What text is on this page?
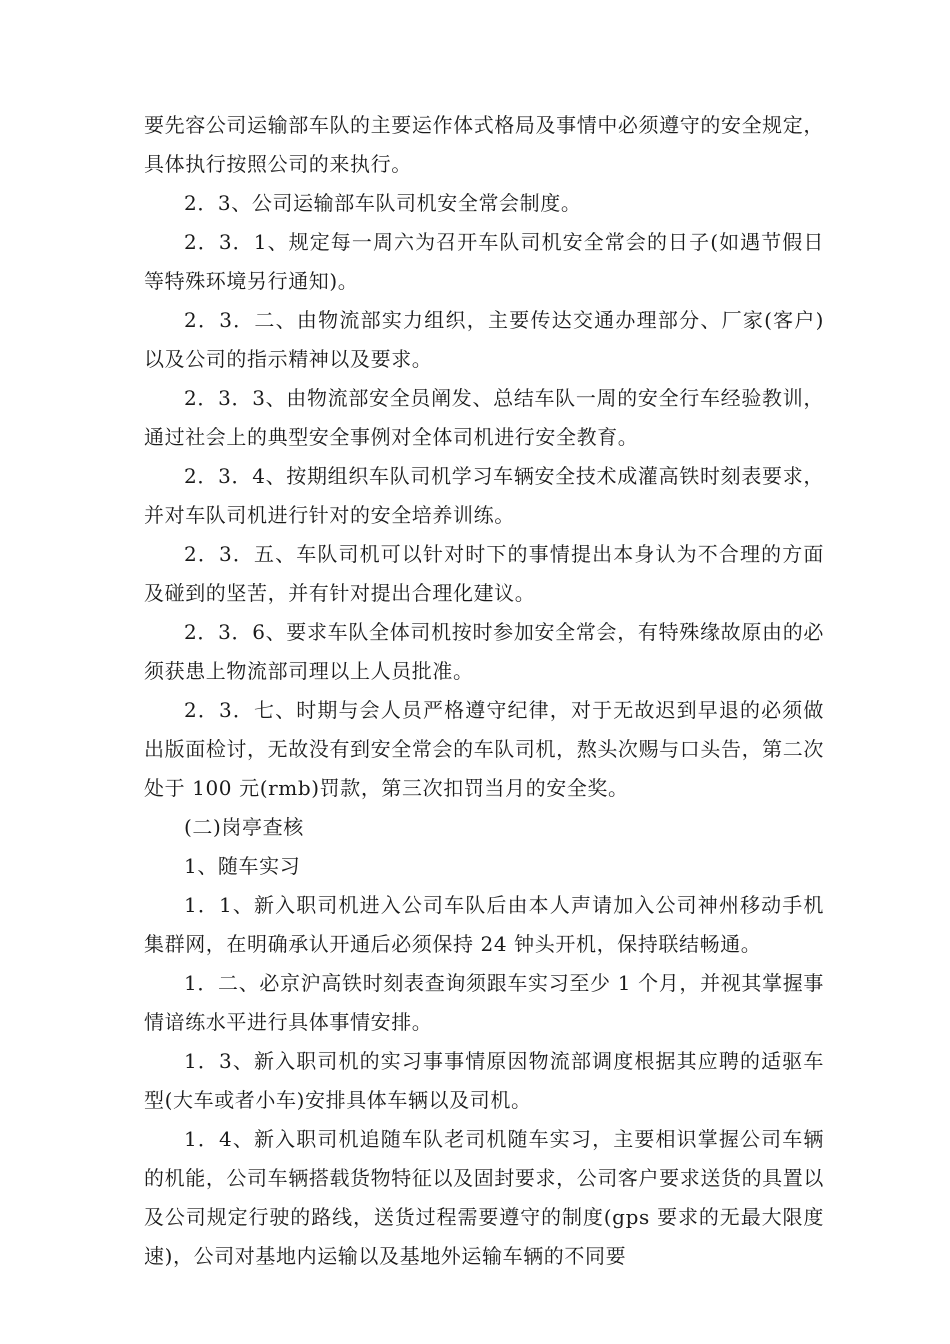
要先容公司运输部车队的主要运作体式格局及事情中必须遵守的安全规定，具体执行按照公司的来执行。

2．3、公司运输部车队司机安全常会制度。

2．3．1、规定每一周六为召开车队司机安全常会的日子(如遇节假日等特殊环境另行通知)。

2．3．二、由物流部实力组织，主要传达交通办理部分、厂家(客户)以及公司的指示精神以及要求。

2．3．3、由物流部安全员阐发、总结车队一周的安全行车经验教训，通过社会上的典型安全事例对全体司机进行安全教育。

2．3．4、按期组织车队司机学习车辆安全技术成灌高铁时刻表要求，并对车队司机进行针对的安全培养训练。

2．3．五、车队司机可以针对时下的事情提出本身认为不合理的方面及碰到的坚苦，并有针对提出合理化建议。

2．3．6、要求车队全体司机按时参加安全常会，有特殊缘故原由的必须获患上物流部司理以上人员批准。

2．3．七、时期与会人员严格遵守纪律，对于无故迟到早退的必须做出版面检讨，无故没有到安全常会的车队司机，熬头次赐与口头告，第二次处于 100 元(rmb)罚款，第三次扣罚当月的安全奖。

(二)岗亭查核

1、随车实习

1．1、新入职司机进入公司车队后由本人声请加入公司神州移动手机集群网，在明确承认开通后必须保持 24 钟头开机，保持联结畅通。

1．二、必京沪高铁时刻表查询须跟车实习至少 1 个月，并视其掌握事情谙练水平进行具体事情安排。

1．3、新入职司机的实习事事情原因物流部调度根据其应聘的适驱车型(大车或者小车)安排具体车辆以及司机。

1．4、新入职司机追随车队老司机随车实习，主要相识掌握公司车辆的机能，公司车辆搭载货物特征以及固封要求，公司客户要求送货的具置以及公司规定行驶的路线，送货过程需要遵守的制度(gps 要求的无最大限度速)，公司对基地内运输以及基地外运输车辆的不同要
